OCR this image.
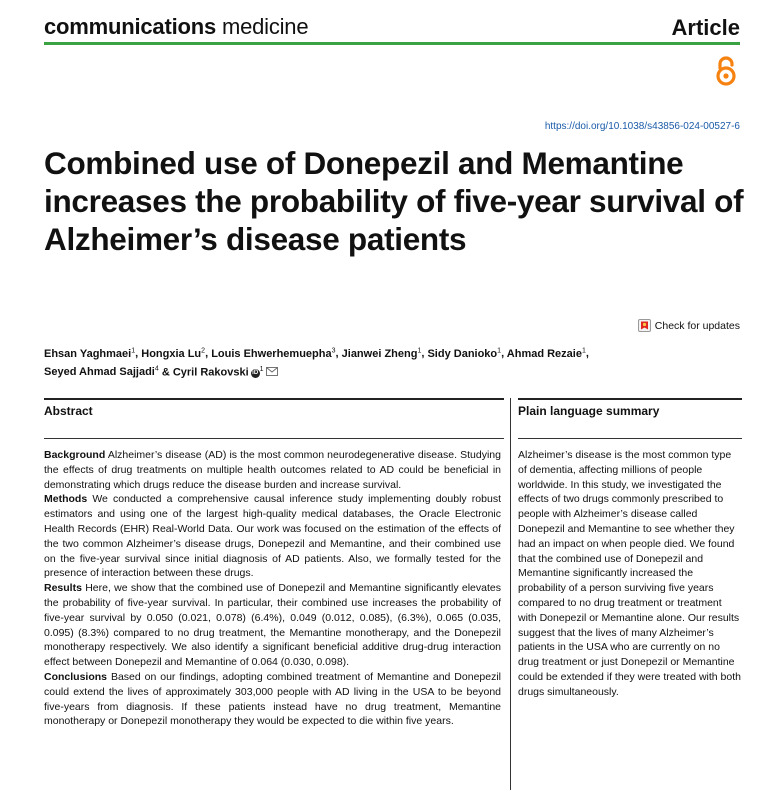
communications medicine	Article
https://doi.org/10.1038/s43856-024-00527-6
Combined use of Donepezil and Memantine increases the probability of five-year survival of Alzheimer’s disease patients
Check for updates
Ehsan Yaghmaei$^1$, Hongxia Lu$^2$, Louis Ehwerhemuepha$^3$, Jianwei Zheng$^1$, Sidy Danioko$^1$, Ahmad Rezaie$^1$,
Seyed Ahmad Sajjadi$^4$ & Cyril Rakovski $iD^1$
Abstract	Plain language summary

Background Alzheimer’s disease (AD) is the most common neurodegenerative disease. Studying the effects of drug treatments on multiple health outcomes related to AD could be beneficial in demonstrating which drugs reduce the disease burden and increase survival.
Methods We conducted a comprehensive causal inference study implementing doubly robust estimators and using one of the largest high-quality medical databases, the Oracle Electronic Health Records (EHR) Real-World Data. Our work was focused on the estimation of the effects of the two common Alzheimer’s disease drugs, Donepezil and Memantine, and their combined use on the five-year survival since initial diagnosis of AD patients. Also, we formally tested for the presence of interaction between these drugs.
Results Here, we show that the combined use of Donepezil and Memantine significantly elevates the probability of five-year survival. In particular, their combined use increases the probability of five-year survival by 0.050 (0.021, 0.078) (6.4%), 0.049 (0.012, 0.085), (6.3%), 0.065 (0.035, 0.095) (8.3%) compared to no drug treatment, the Memantine monotherapy, and the Donepezil monotherapy respectively. We also identify a significant beneficial additive drug-drug interaction effect between Donepezil and Memantine of 0.064 (0.030, 0.098).
Conclusions Based on our findings, adopting combined treatment of Memantine and Donepezil could extend the lives of approximately 303,000 people with AD living in the USA to be beyond five-years from diagnosis. If these patients instead have no drug treatment, Memantine monotherapy or Donepezil monotherapy they would be expected to die within five years.

Alzheimer’s disease is the most common type of dementia, affecting millions of people worldwide. In this study, we investigated the effects of two drugs commonly prescribed to people with Alzheimer’s disease called Donepezil and Memantine to see whether they had an impact on when people died. We found that the combined use of Donepezil and Memantine significantly increased the probability of a person surviving five years compared to no drug treatment or treatment with Donepezil or Memantine alone. Our results suggest that the lives of many Alzheimer’s patients in the USA who are currently on no drug treatment or just Donepezil or Memantine could be extended if they were treated with both drugs simultaneously.
